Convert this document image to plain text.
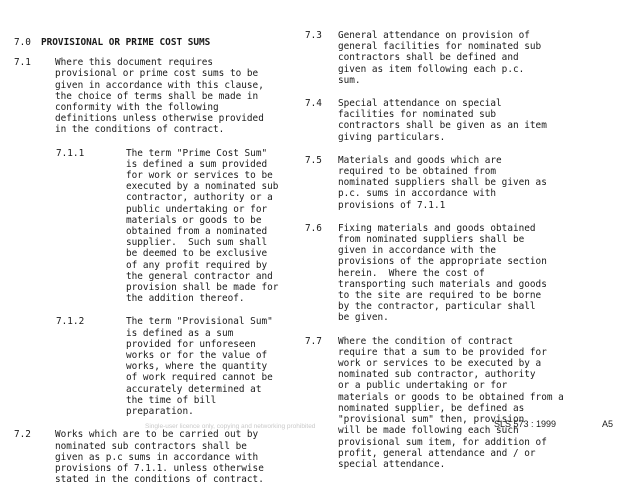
7.0 PROVISIONAL OR PRIME COST SUMS
7.1	Where this document requires
provisional or prime cost sums to be
given in accordance with this clause,
the choice of terms shall be made in
conformity with the following
definitions unless otherwise provided
in the conditions of contract.
7.1.1	The term "Prime Cost Sum"
is defined a sum provided
for work or services to be
executed by a nominated sub
contractor, authority or a
public undertaking or for
materials or goods to be
obtained from a nominated
supplier.  Such sum shall
be deemed to be exclusive
of any profit required by
the general contractor and
provision shall be made for
the addition thereof.
7.1.2	The term "Provisional Sum"
is defined as a sum
provided for unforeseen
works or for the value of
works, where the quantity
of work required cannot be
accurately determined at
the time of bill
preparation.
7.2	Works which are to be carried out by
nominated sub contractors shall be
given as p.c sums in accordance with
provisions of 7.1.1. unless otherwise
stated in the conditions of contract.
7.3 General attendance on provision of
general facilities for nominated sub
contractors shall be defined and
given as item following each p.c.
sum.
7.4 Special attendance on special
facilities for nominated sub
contractors shall be given as an item
giving particulars.
7.5 Materials and goods which are
required to be obtained from
nominated suppliers shall be given as
p.c. sums in accordance with
provisions of 7.1.1
7.6 Fixing materials and goods obtained
from nominated suppliers shall be
given in accordance with the
provisions of the appropriate section
herein.  Where the cost of
transporting such materials and goods
to the site are required to be borne
by the contractor, particular shall
be given.
7.7 Where the condition of contract
require that a sum to be provided for
work or services to be executed by a
nominated sub contractor, authority
or a public undertaking or for
materials or goods to be obtained from a
nominated supplier, be defined as
"provisional sum" then, provision
will be made following each such
provisional sum item, for addition of
profit, general attendance and / or
special attendance.
Single-user licence only, copying and networking prohibited	SLS 573 : 1999	A5
